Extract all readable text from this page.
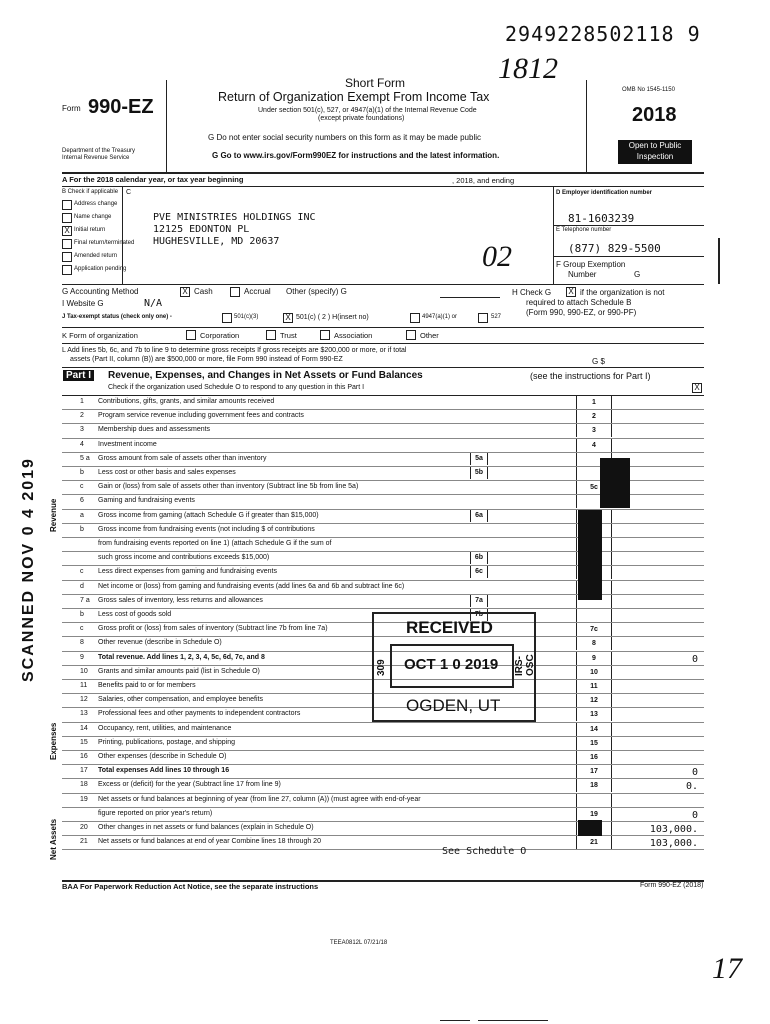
2949228502118 9
Form 990-EZ
Department of the Treasury
Internal Revenue Service
1812
Short Form
Return of Organization Exempt From Income Tax
Under section 501(c), 527, or 4947(a)(1) of the Internal Revenue Code
(except private foundations)
G Do not enter social security numbers on this form as it may be made public
G Go to www.irs.gov/Form990EZ for instructions and the latest information.
OMB No 1545-1150
2018
Open to Public
Inspection
A For the 2018 calendar year, or tax year beginning	, 2018, and ending
B Check if applicable
Address change
Name change
X Initial return
Final return/terminated
Amended return
Application pending
C
PVE MINISTRIES HOLDINGS INC
12125 EDONTON PL
HUGHESVILLE, MD 20637	02
D Employer identification number
81-1603239
E Telephone number
(877) 829-5500
F Group Exemption
Number	G
G Accounting Method	X Cash	Accrual Other (specify) G	H Check G X if the organization is not
required to attach Schedule B
(Form 990, 990-EZ, or 990-PF)
I Website G	N/A
J Tax-exempt status (check only one) -	501(c)(3)	X 501(c) ( 2 ) H(insert no)	4947(a)(1) or	527
K Form of organization	Corporation	Trust	Association	Other
L Add lines 5b, 6c, and 7b to line 9 to determine gross receipts If gross receipts are $200,000 or more, or if total
assets (Part II, column (B)) are $500,000 or more, file Form 990 instead of Form 990-EZ	G $
Part I	Revenue, Expenses, and Changes in Net Assets or Fund Balances	(see the instructions for Part I)
Check if the organization used Schedule O to respond to any question in this Part I	X
Revenue
Expenses
Net Assets
1	Contributions, gifts, grants, and similar amounts received	1
2	Program service revenue including government fees and contracts	2
3	Membership dues and assessments	3
4	Investment income	4
5 a	Gross amount from sale of assets other than inventory	5a
b	Less cost or other basis and sales expenses	5b
c	Gain or (loss) from sale of assets other than inventory (Subtract line 5b from line 5a)	5c
6	Gaming and fundraising events
a	Gross income from gaming (attach Schedule G if greater than $15,000)	6a
b	Gross income from fundraising events (not including $ of contributions
from fundraising events reported on line 1) (attach Schedule G if the sum of
such gross income and contributions exceeds $15,000)	6b
c	Less direct expenses from gaming and fundraising events	6c
d	Net income or (loss) from gaming and fundraising events (add lines 6a and 6b and subtract line 6c)
7 a	Gross sales of inventory, less returns and allowances	7a
b	Less cost of goods sold	7b
c	Gross profit or (loss) from sales of inventory (Subtract line 7b from line 7a)	7c
8	Other revenue (describe in Schedule O)	8
9	Total revenue. Add lines 1, 2, 3, 4, 5c, 6d, 7c, and 8	9	0
10	Grants and similar amounts paid (list in Schedule O)	10
11	Benefits paid to or for members	11
12	Salaries, other compensation, and employee benefits	12
13	Professional fees and other payments to independent contractors	13
14	Occupancy, rent, utilities, and maintenance	14
15	Printing, publications, postage, and shipping	15
16	Other expenses (describe in Schedule O)	16
17	Total expenses Add lines 10 through 16	17	0
18	Excess or (deficit) for the year (Subtract line 17 from line 9)	18	0.
19	Net assets or fund balances at beginning of year (from line 27, column (A)) (must agree with end-of-year
figure reported on prior year's return)	19	0
20	Other changes in net assets or fund balances (explain in Schedule O)	103,000.
21	Net assets or fund balances at end of year Combine lines 18 through 20	21	103,000.
See Schedule O
RECEIVED
OCT 1 0 2019
309	IRS-OSC
OGDEN, UT
SCANNED NOV 0 4 2019
BAA For Paperwork Reduction Act Notice, see the separate instructions	Form 990-EZ (2018)
TEEA0812L 07/21/18
17
